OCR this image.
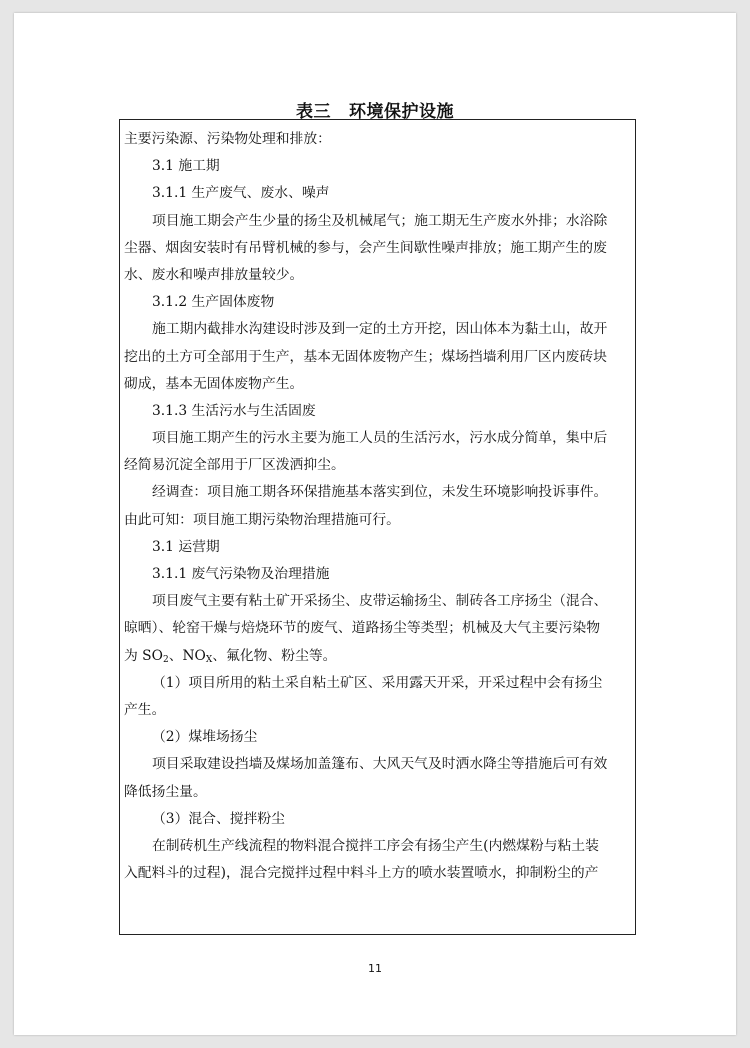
表三 环境保护设施
主要污染源、污染物处理和排放：
3.1 施工期
3.1.1 生产废气、废水、噪声
项目施工期会产生少量的扬尘及机械尾气；施工期无生产废水外排；水浴除
尘器、烟囱安装时有吊臂机械的参与，会产生间歇性噪声排放；施工期产生的废
水、废水和噪声排放量较少。
3.1.2 生产固体废物
施工期内截排水沟建设时涉及到一定的土方开挖，因山体本为黏土山，故开
挖出的土方可全部用于生产，基本无固体废物产生；煤场挡墙利用厂区内废砖块
砌成，基本无固体废物产生。
3.1.3 生活污水与生活固废
项目施工期产生的污水主要为施工人员的生活污水，污水成分简单，集中后
经简易沉淀全部用于厂区泼洒抑尘。
经调查：项目施工期各环保措施基本落实到位，未发生环境影响投诉事件。
由此可知：项目施工期污染物治理措施可行。
3.1 运营期
3.1.1 废气污染物及治理措施
项目废气主要有粘土矿开采扬尘、皮带运输扬尘、制砖各工序扬尘（混合、
晾晒）、轮窑干燥与焙烧环节的废气、道路扬尘等类型；机械及大气主要污染物
为 $SO_2$、$NO_X$、氟化物、粉尘等。
（1）项目所用的粘土采自粘土矿区、采用露天开采，开采过程中会有扬尘
产生。
（2）煤堆场扬尘
项目采取建设挡墙及煤场加盖篷布、大风天气及时洒水降尘等措施后可有效
降低扬尘量。
（3）混合、搅拌粉尘
在制砖机生产线流程的物料混合搅拌工序会有扬尘产生(内燃煤粉与粘土装
入配料斗的过程)，混合完搅拌过程中料斗上方的喷水装置喷水，抑制粉尘的产
11
